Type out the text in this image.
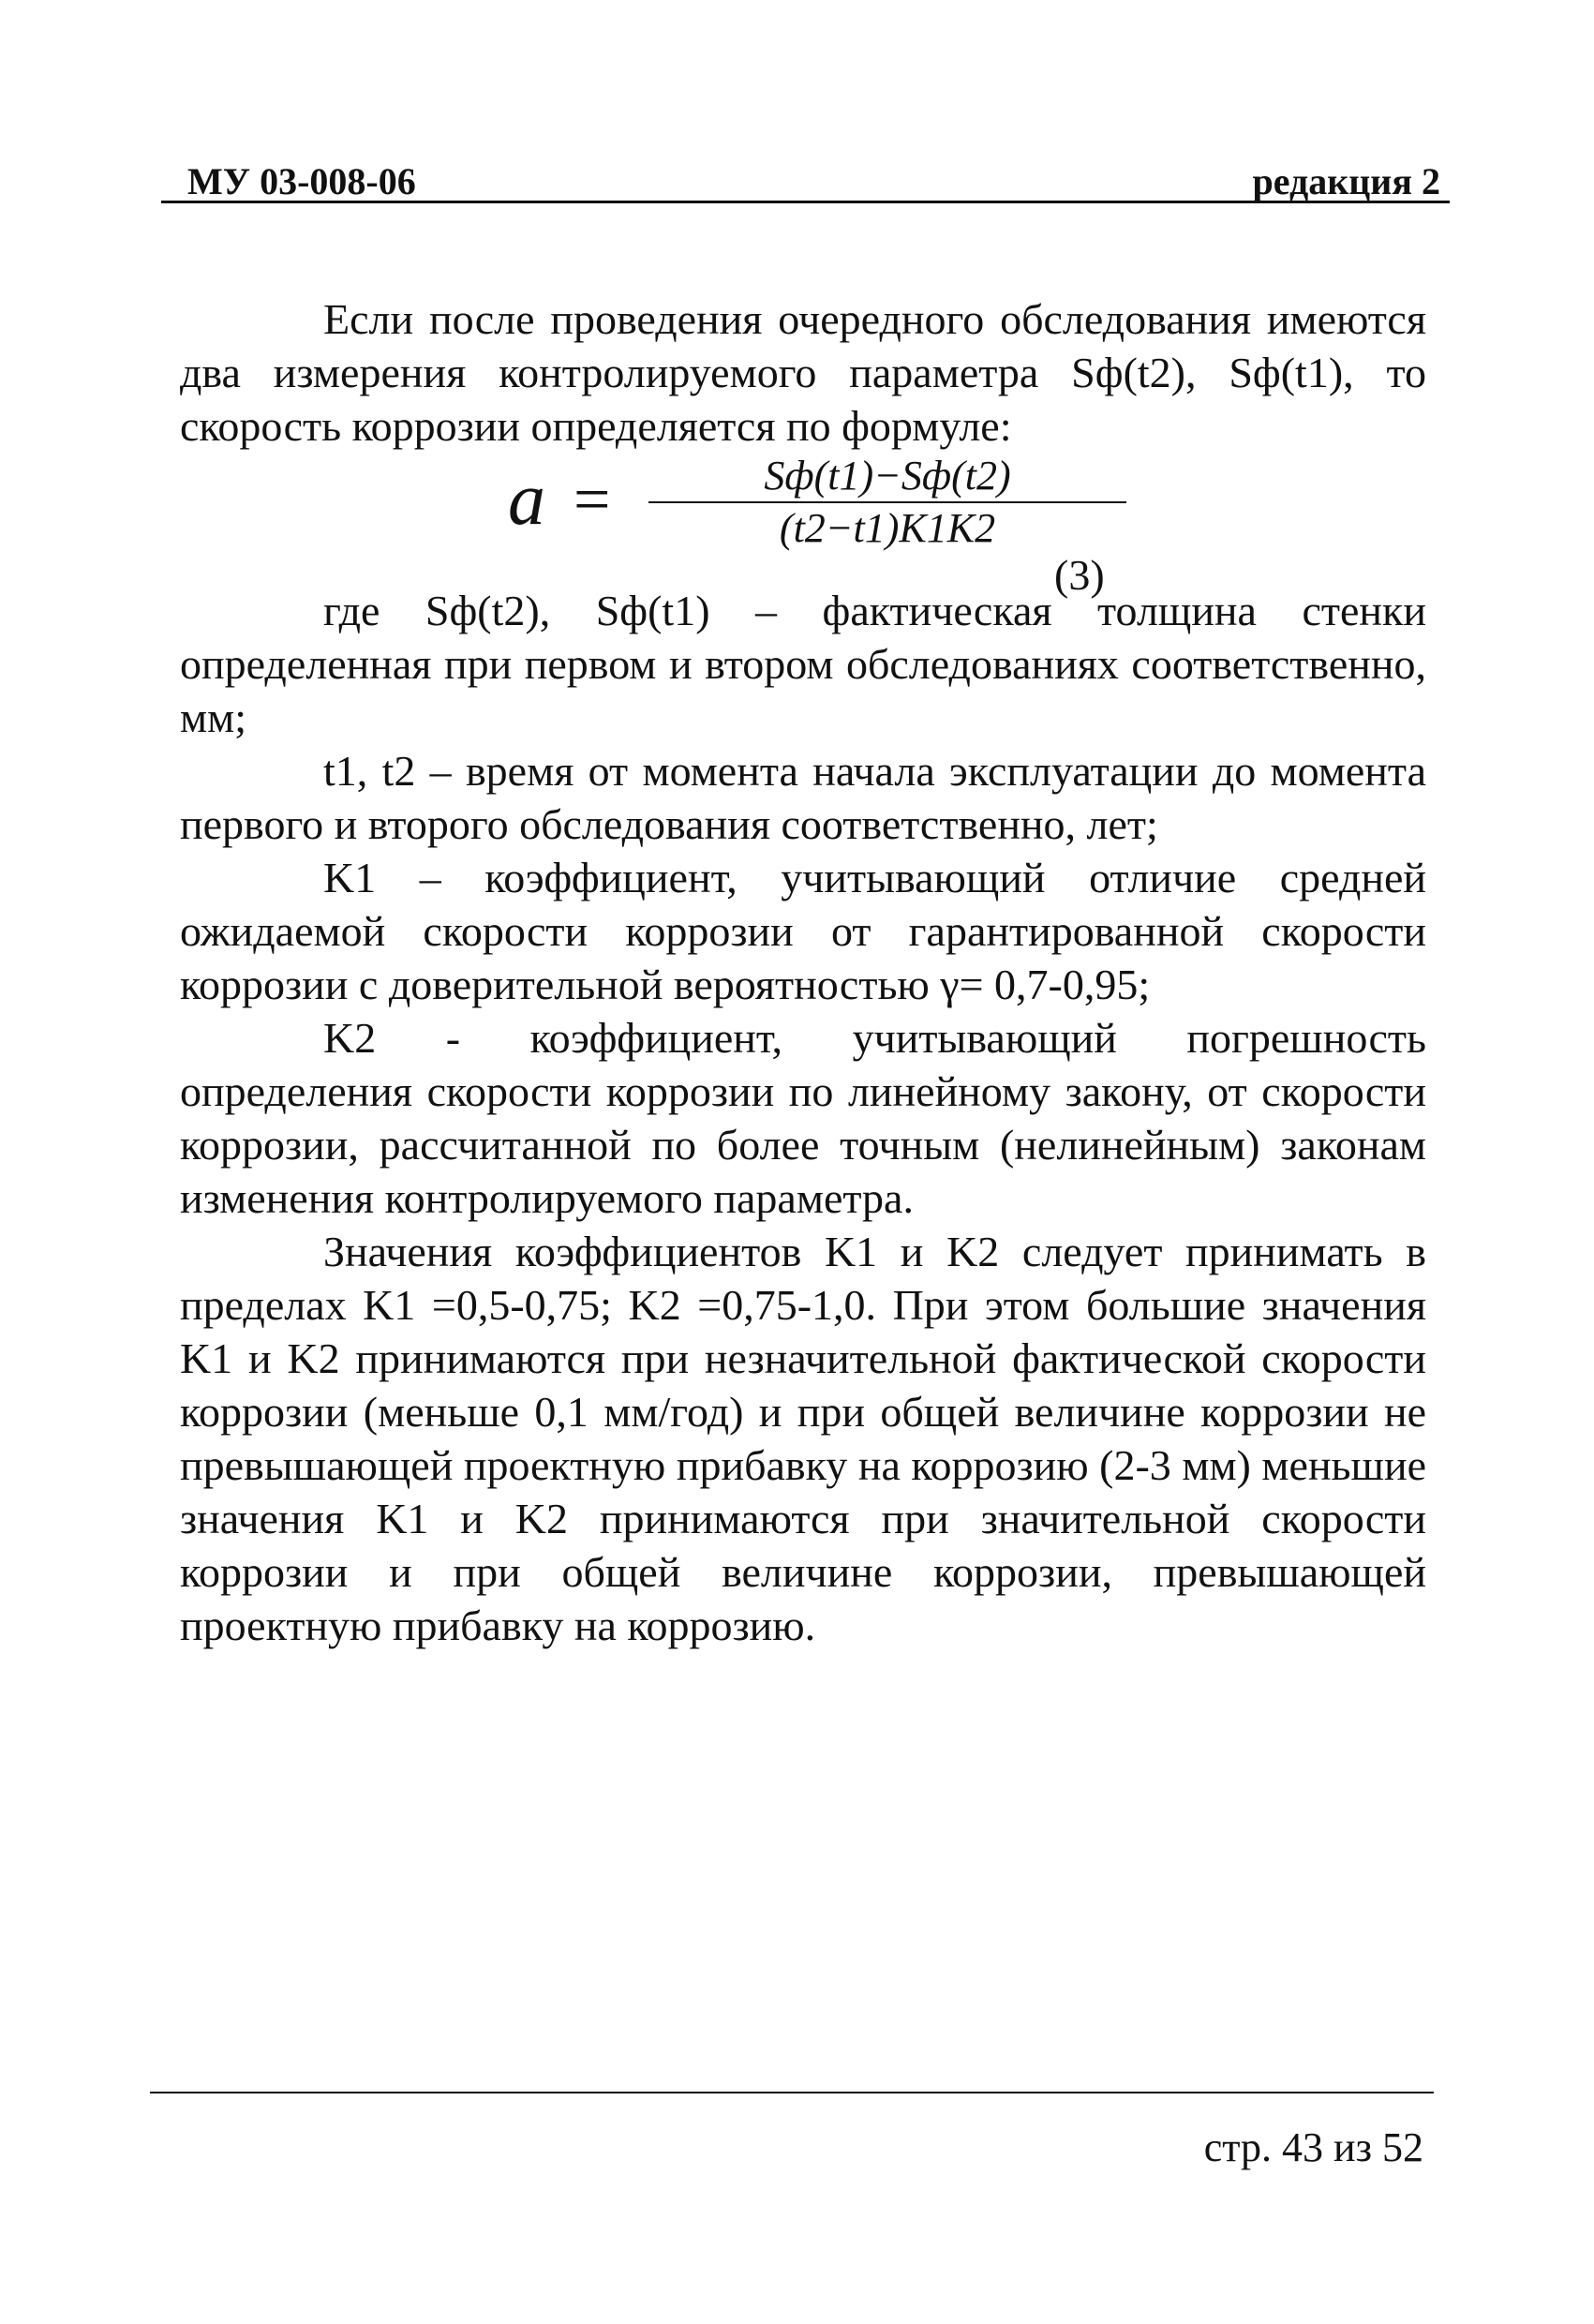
МУ 03-008-06	редакция 2

Если после проведения очередного обследования имеются два измерения контролируемого параметра Sф(t2), Sф(t1), то скорость коррозии определяется по формуле:

a =	Sф(t1)−Sф(t2)
(t2−t1)K1K2
(3)

где Sф(t2), Sф(t1) – фактическая толщина стенки определенная при первом и втором обследованиях соответственно, мм;

t1, t2 – время от момента начала эксплуатации до момента первого и второго обследования соответственно, лет;

K1 – коэффициент, учитывающий отличие средней ожидаемой скорости коррозии от гарантированной скорости коррозии с доверительной вероятностью γ= 0,7-0,95;

K2 - коэффициент, учитывающий погрешность определения скорости коррозии по линейному закону, от скорости коррозии, рассчитанной по более точным (нелинейным) законам изменения контролируемого параметра.

Значения коэффициентов K1 и K2 следует принимать в пределах K1 =0,5-0,75; K2 =0,75-1,0. При этом большие значения K1 и K2 принимаются при незначительной фактической скорости коррозии (меньше 0,1 мм/год) и при общей величине коррозии не превышающей проектную прибавку на коррозию (2-3 мм) меньшие значения K1 и K2 принимаются при значительной скорости коррозии и при общей величине коррозии, превышающей проектную прибавку на коррозию.

стр. 43 из 52
